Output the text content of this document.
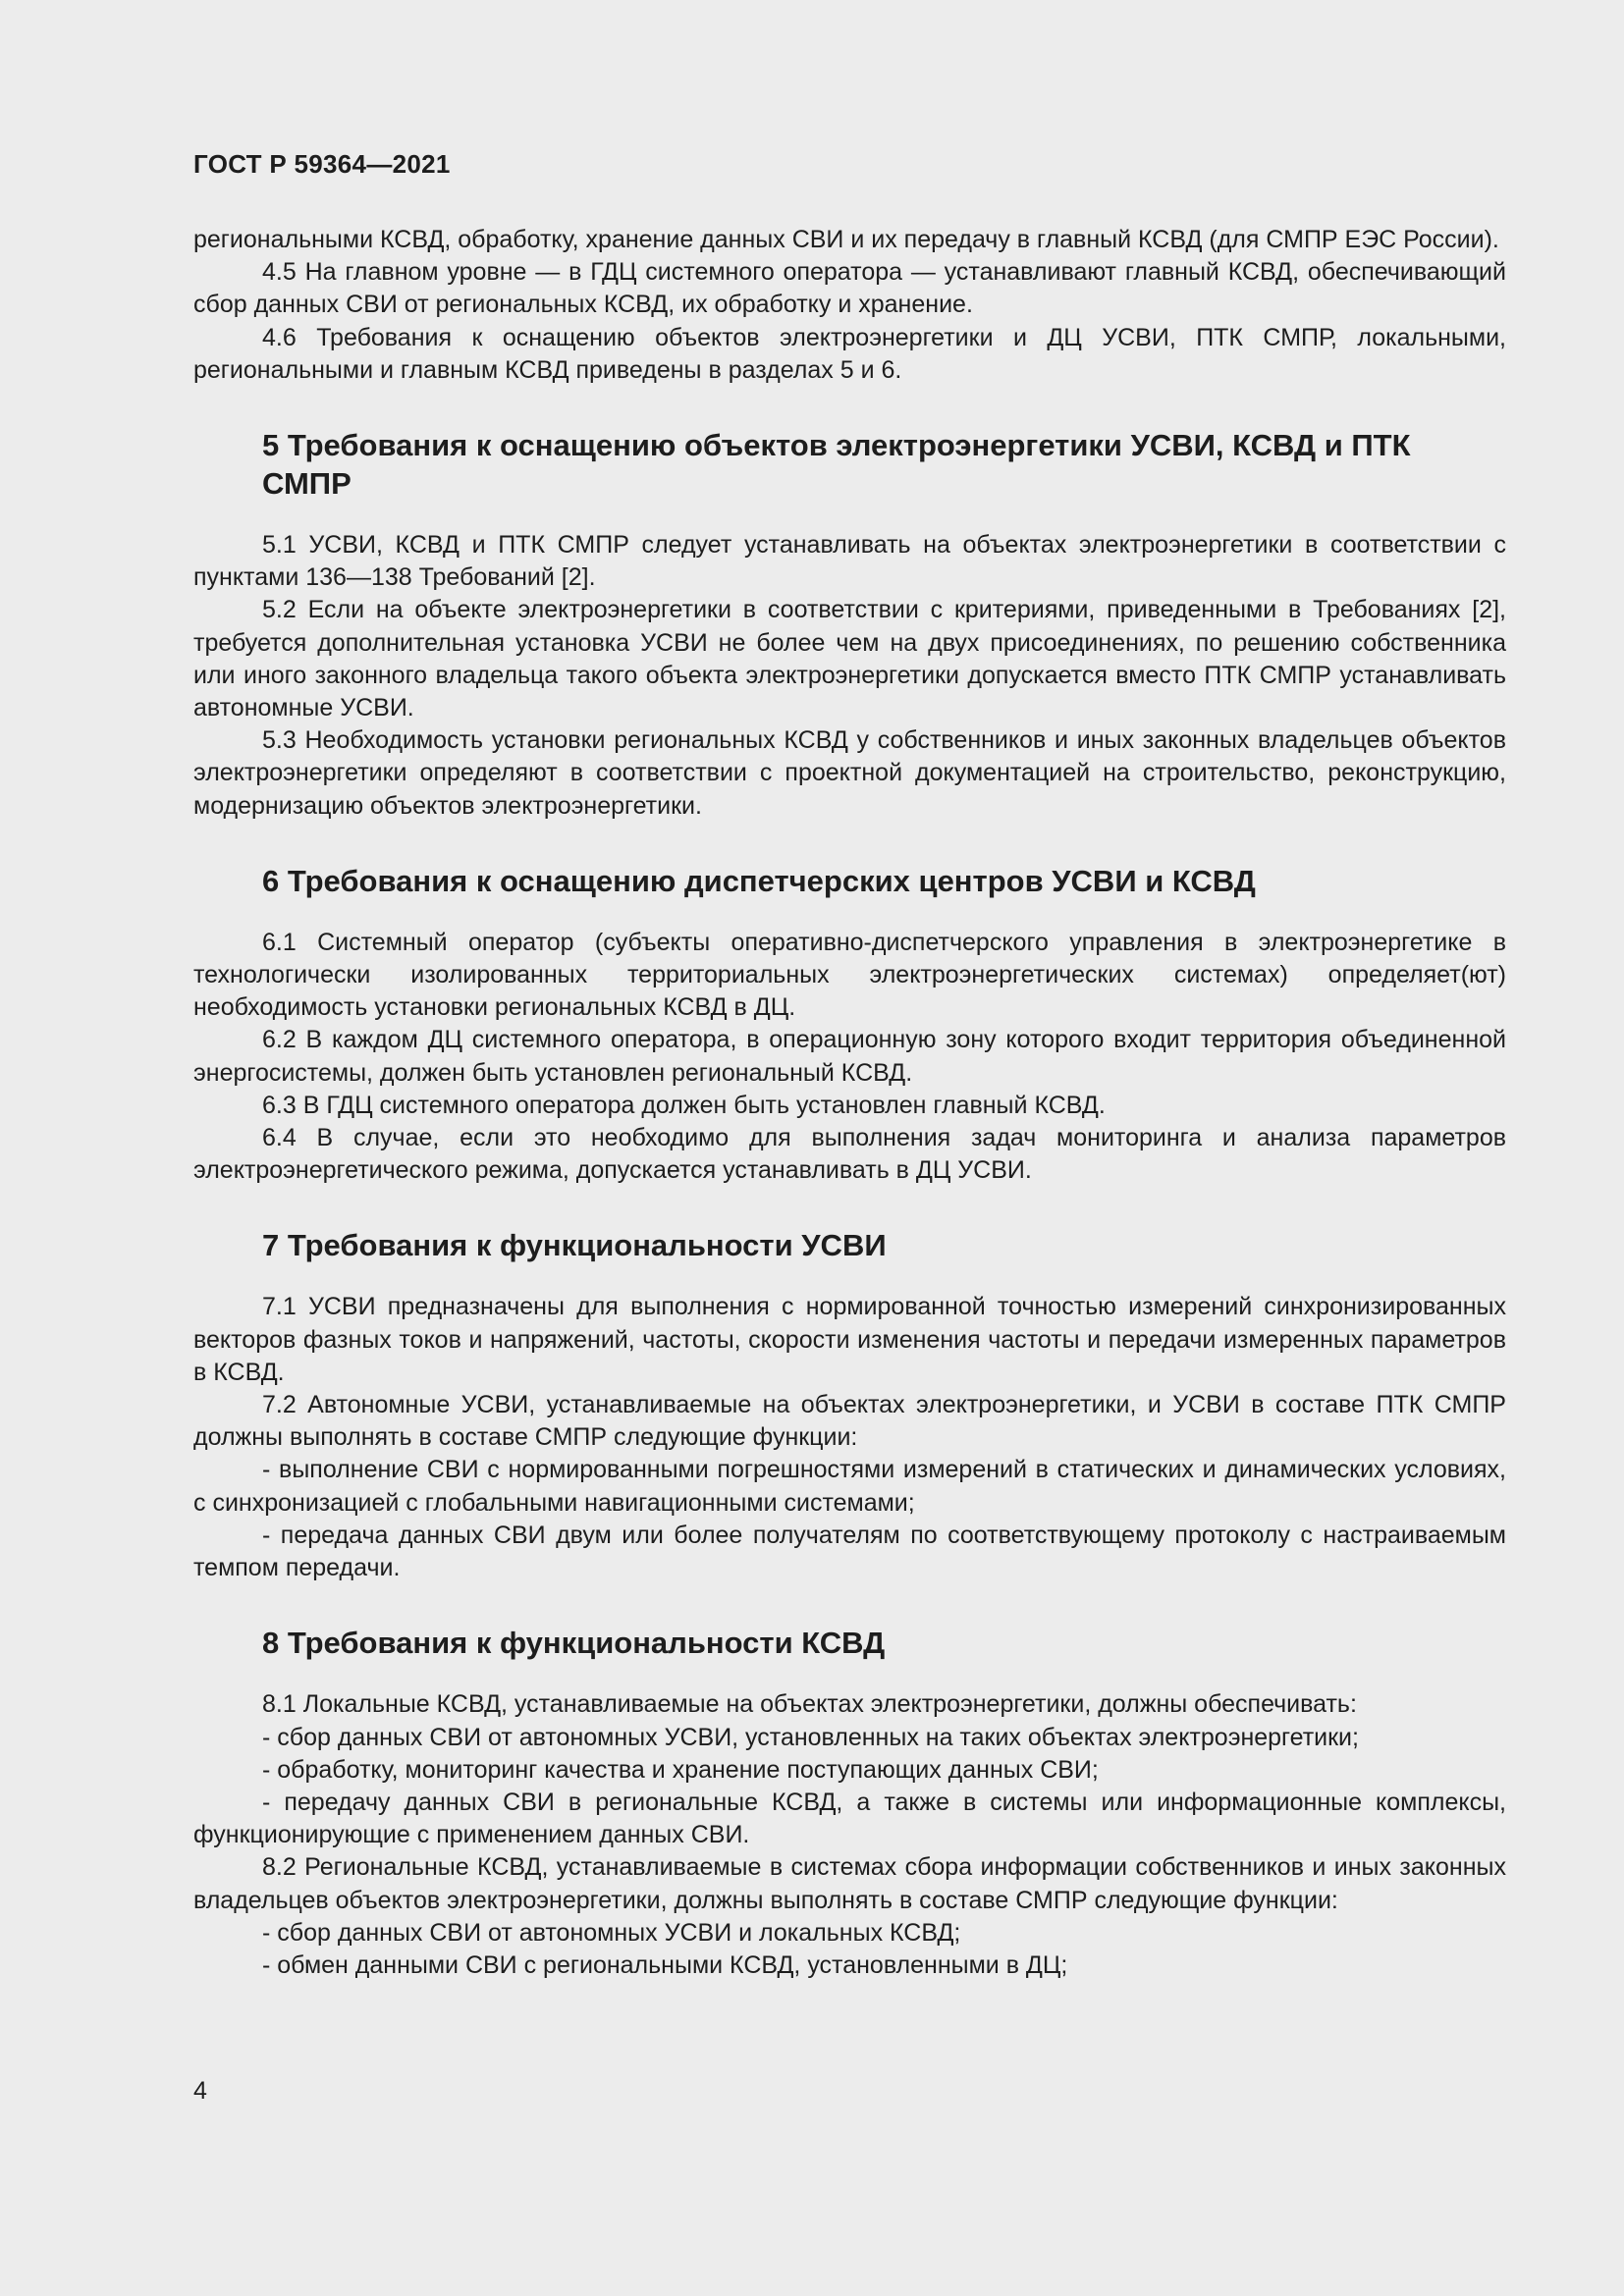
ГОСТ Р 59364—2021

региональными КСВД, обработку, хранение данных СВИ и их передачу в главный КСВД (для СМПР ЕЭС России).

4.5 На главном уровне — в ГДЦ системного оператора — устанавливают главный КСВД, обеспечивающий сбор данных СВИ от региональных КСВД, их обработку и хранение.

4.6 Требования к оснащению объектов электроэнергетики и ДЦ УСВИ, ПТК СМПР, локальными, региональными и главным КСВД приведены в разделах 5 и 6.

5 Требования к оснащению объектов электроэнергетики УСВИ, КСВД и ПТК СМПР

5.1 УСВИ, КСВД и ПТК СМПР следует устанавливать на объектах электроэнергетики в соответствии с пунктами 136—138 Требований [2].

5.2 Если на объекте электроэнергетики в соответствии с критериями, приведенными в Требованиях [2], требуется дополнительная установка УСВИ не более чем на двух присоединениях, по решению собственника или иного законного владельца такого объекта электроэнергетики допускается вместо ПТК СМПР устанавливать автономные УСВИ.

5.3 Необходимость установки региональных КСВД у собственников и иных законных владельцев объектов электроэнергетики определяют в соответствии с проектной документацией на строительство, реконструкцию, модернизацию объектов электроэнергетики.

6 Требования к оснащению диспетчерских центров УСВИ и КСВД

6.1 Системный оператор (субъекты оперативно-диспетчерского управления в электроэнергетике в технологически изолированных территориальных электроэнергетических системах) определяет(ют) необходимость установки региональных КСВД в ДЦ.

6.2 В каждом ДЦ системного оператора, в операционную зону которого входит территория объединенной энергосистемы, должен быть установлен региональный КСВД.

6.3 В ГДЦ системного оператора должен быть установлен главный КСВД.

6.4 В случае, если это необходимо для выполнения задач мониторинга и анализа параметров электроэнергетического режима, допускается устанавливать в ДЦ УСВИ.

7 Требования к функциональности УСВИ

7.1 УСВИ предназначены для выполнения с нормированной точностью измерений синхронизированных векторов фазных токов и напряжений, частоты, скорости изменения частоты и передачи измеренных параметров в КСВД.

7.2 Автономные УСВИ, устанавливаемые на объектах электроэнергетики, и УСВИ в составе ПТК СМПР должны выполнять в составе СМПР следующие функции:

- выполнение СВИ с нормированными погрешностями измерений в статических и динамических условиях, с синхронизацией с глобальными навигационными системами;

- передача данных СВИ двум или более получателям по соответствующему протоколу с настраиваемым темпом передачи.

8 Требования к функциональности КСВД

8.1 Локальные КСВД, устанавливаемые на объектах электроэнергетики, должны обеспечивать:

- сбор данных СВИ от автономных УСВИ, установленных на таких объектах электроэнергетики;

- обработку, мониторинг качества и хранение поступающих данных СВИ;

- передачу данных СВИ в региональные КСВД, а также в системы или информационные комплексы, функционирующие с применением данных СВИ.

8.2 Региональные КСВД, устанавливаемые в системах сбора информации собственников и иных законных владельцев объектов электроэнергетики, должны выполнять в составе СМПР следующие функции:

- сбор данных СВИ от автономных УСВИ и локальных КСВД;

- обмен данными СВИ с региональными КСВД, установленными в ДЦ;

4
